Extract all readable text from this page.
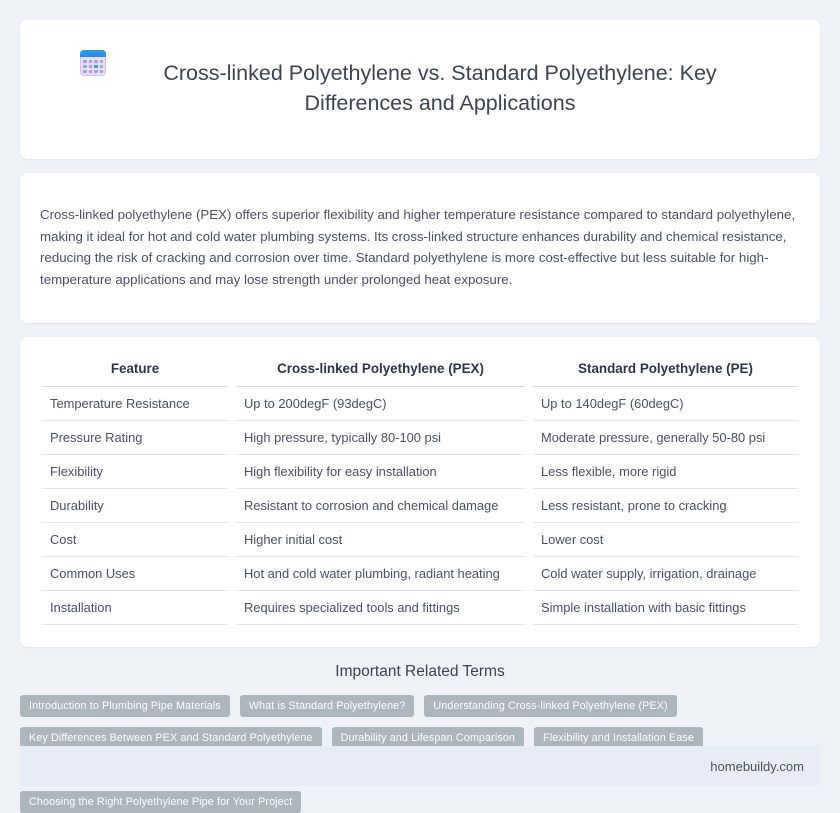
Cross-linked Polyethylene vs. Standard Polyethylene: Key Differences and Applications

Cross-linked polyethylene (PEX) offers superior flexibility and higher temperature resistance compared to standard polyethylene, making it ideal for hot and cold water plumbing systems. Its cross-linked structure enhances durability and chemical resistance, reducing the risk of cracking and corrosion over time. Standard polyethylene is more cost-effective but less suitable for high-temperature applications and may lose strength under prolonged heat exposure.

Feature	Cross-linked Polyethylene (PEX)	Standard Polyethylene (PE)
Temperature Resistance	Up to 200degF (93degC)	Up to 140degF (60degC)
Pressure Rating	High pressure, typically 80-100 psi	Moderate pressure, generally 50-80 psi
Flexibility	High flexibility for easy installation	Less flexible, more rigid
Durability	Resistant to corrosion and chemical damage	Less resistant, prone to cracking
Cost	Higher initial cost	Lower cost
Common Uses	Hot and cold water plumbing, radiant heating	Cold water supply, irrigation, drainage
Installation	Requires specialized tools and fittings	Simple installation with basic fittings
Important Related Terms
Introduction to Plumbing Pipe Materials	What is Standard Polyethylene?	Understanding Cross-linked Polyethylene (PEX)
Key Differences Between PEX and Standard Polyethylene	Durability and Lifespan Comparison	Flexibility and Installation Ease
Choosing the Right Polyethylene Pipe for Your Project
homebuildy.com
